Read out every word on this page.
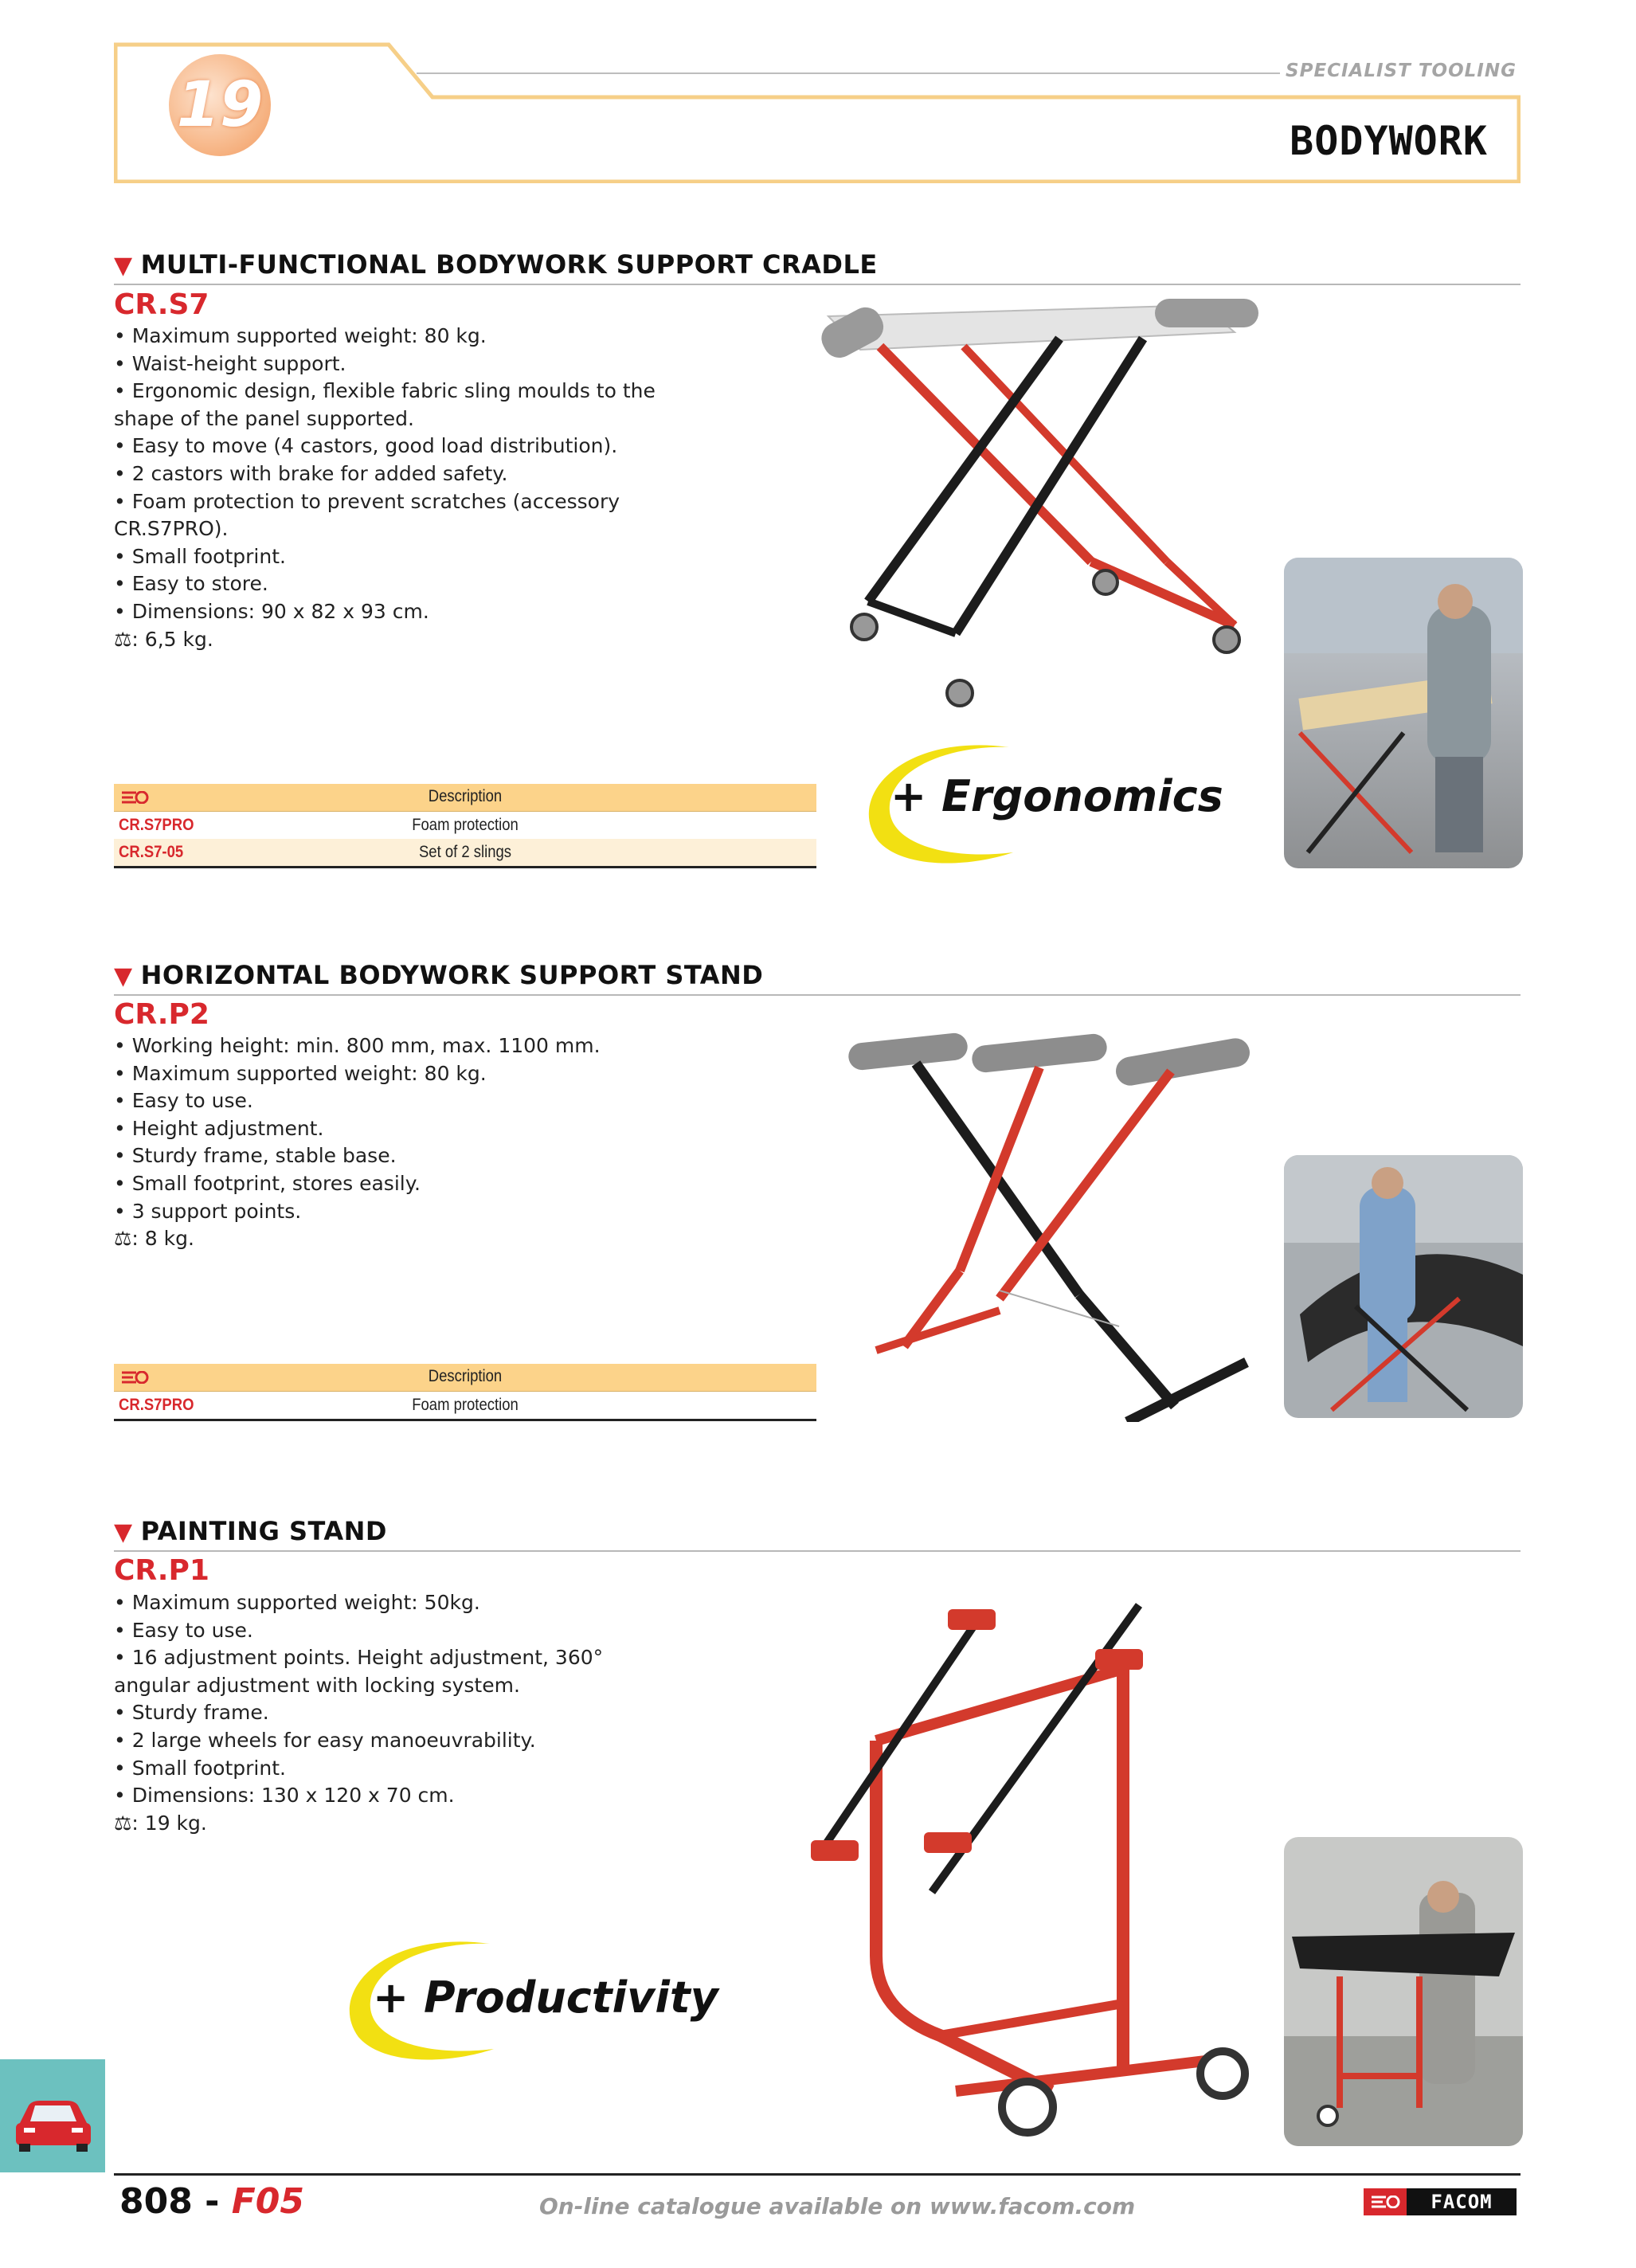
19	SPECIALIST TOOLING
BODYWORK
▼ MULTI-FUNCTIONAL BODYWORK SUPPORT CRADLE
CR.S7
• Maximum supported weight: 80 kg.
• Waist-height support.
• Ergonomic design, flexible fabric sling moulds to the
shape of the panel supported.
• Easy to move (4 castors, good load distribution).
• 2 castors with brake for added safety.
• Foam protection to prevent scratches (accessory
CR.S7PRO).
• Small footprint.
• Easy to store.
• Dimensions: 90 x 82 x 93 cm.
⚖: 6,5 kg.
Description
CR.S7PRO	Foam protection
CR.S7-05	Set of 2 slings
+ Ergonomics
▼ HORIZONTAL BODYWORK SUPPORT STAND
CR.P2
• Working height: min. 800 mm, max. 1100 mm.
• Maximum supported weight: 80 kg.
• Easy to use.
• Height adjustment.
• Sturdy frame, stable base.
• Small footprint, stores easily.
• 3 support points.
⚖: 8 kg.
Description
CR.S7PRO	Foam protection
▼ PAINTING STAND
CR.P1
• Maximum supported weight: 50kg.
• Easy to use.
• 16 adjustment points. Height adjustment, 360°
angular adjustment with locking system.
• Sturdy frame.
• 2 large wheels for easy manoeuvrability.
• Small footprint.
• Dimensions: 130 x 120 x 70 cm.
⚖: 19 kg.
+ Productivity
808 - F05	On-line catalogue available on www.facom.com	FACOM
